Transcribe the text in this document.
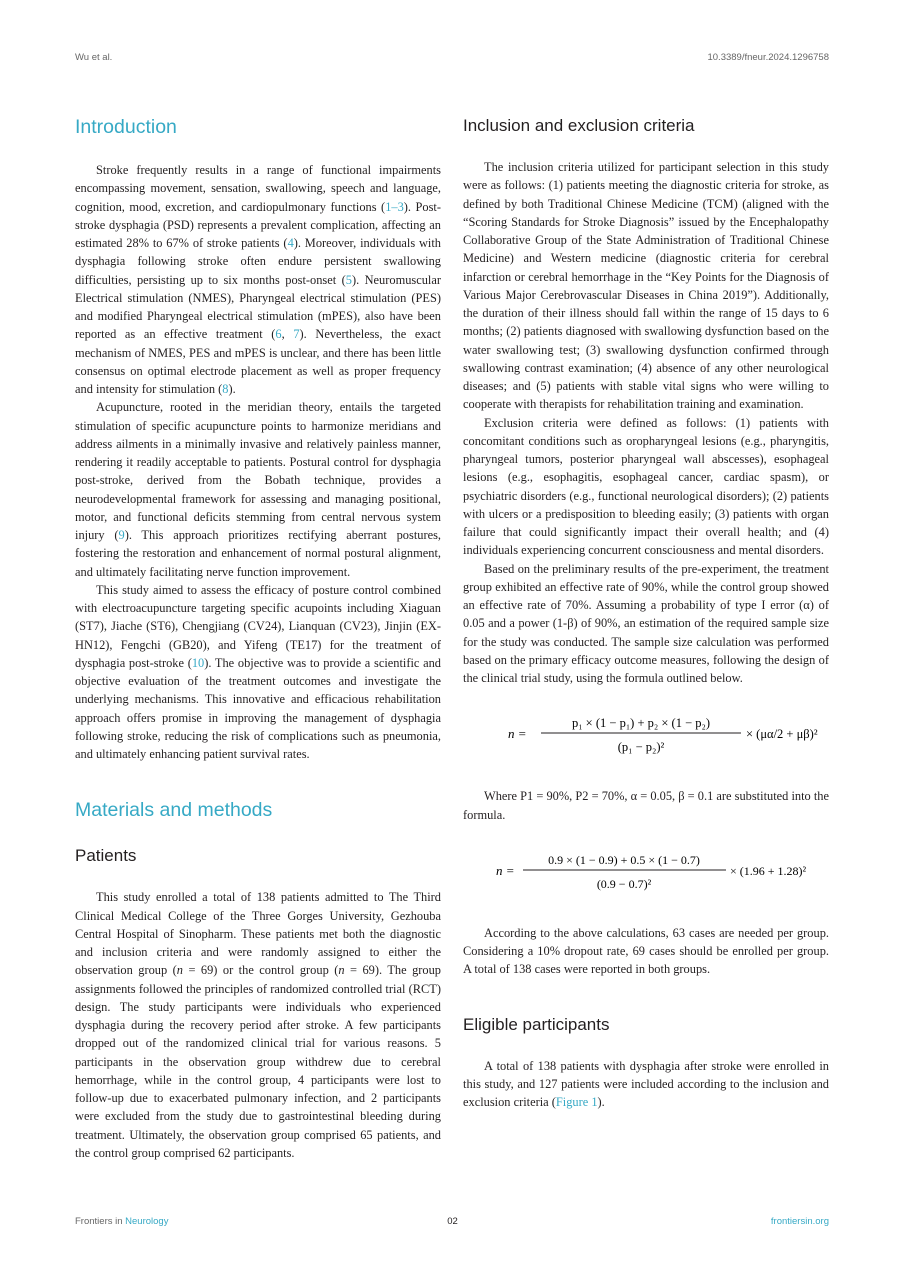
Wu et al.	10.3389/fneur.2024.1296758
Introduction

Stroke frequently results in a range of functional impairments encompassing movement, sensation, swallowing, speech and language, cognition, mood, excretion, and cardiopulmonary functions (1–3). Post-stroke dysphagia (PSD) represents a prevalent complication, affecting an estimated 28% to 67% of stroke patients (4). Moreover, individuals with dysphagia following stroke often endure persistent swallowing difficulties, persisting up to six months post-onset (5). Neuromuscular Electrical stimulation (NMES), Pharyngeal electrical stimulation (PES) and modified Pharyngeal electrical stimulation (mPES), also have been reported as an effective treatment (6, 7). Nevertheless, the exact mechanism of NMES, PES and mPES is unclear, and there has been little consensus on optimal electrode placement as well as proper frequency and intensity for stimulation (8).

Acupuncture, rooted in the meridian theory, entails the targeted stimulation of specific acupuncture points to harmonize meridians and address ailments in a minimally invasive and relatively painless manner, rendering it readily acceptable to patients. Postural control for dysphagia post-stroke, derived from the Bobath technique, provides a neurodevelopmental framework for assessing and managing positional, motor, and functional deficits stemming from central nervous system injury (9). This approach prioritizes rectifying aberrant postures, fostering the restoration and enhancement of normal postural alignment, and ultimately facilitating nerve function improvement.

This study aimed to assess the efficacy of posture control combined with electroacupuncture targeting specific acupoints including Xiaguan (ST7), Jiache (ST6), Chengjiang (CV24), Lianquan (CV23), Jinjin (EX-HN12), Fengchi (GB20), and Yifeng (TE17) for the treatment of dysphagia post-stroke (10). The objective was to provide a scientific and objective evaluation of the treatment outcomes and investigate the underlying mechanisms. This innovative and efficacious rehabilitation approach offers promise in improving the management of dysphagia following stroke, reducing the risk of complications such as pneumonia, and ultimately enhancing patient survival rates.

Materials and methods
Patients

This study enrolled a total of 138 patients admitted to The Third Clinical Medical College of the Three Gorges University, Gezhouba Central Hospital of Sinopharm. These patients met both the diagnostic and inclusion criteria and were randomly assigned to either the observation group (n = 69) or the control group (n = 69). The group assignments followed the principles of randomized controlled trial (RCT) design. The study participants were individuals who experienced dysphagia during the recovery period after stroke. A few participants dropped out of the randomized clinical trial for various reasons. 5 participants in the observation group withdrew due to cerebral hemorrhage, while in the control group, 4 participants were lost to follow-up due to exacerbated pulmonary infection, and 2 participants were excluded from the study due to gastrointestinal bleeding during treatment. Ultimately, the observation group comprised 65 patients, and the control group comprised 62 participants.

Inclusion and exclusion criteria

The inclusion criteria utilized for participant selection in this study were as follows: (1) patients meeting the diagnostic criteria for stroke, as defined by both Traditional Chinese Medicine (TCM) (aligned with the “Scoring Standards for Stroke Diagnosis” issued by the Encephalopathy Collaborative Group of the State Administration of Traditional Chinese Medicine) and Western medicine (diagnostic criteria for cerebral infarction or cerebral hemorrhage in the “Key Points for the Diagnosis of Various Major Cerebrovascular Diseases in China 2019”). Additionally, the duration of their illness should fall within the range of 15 days to 6 months; (2) patients diagnosed with swallowing dysfunction based on the water swallowing test; (3) swallowing dysfunction confirmed through swallowing contrast examination; (4) absence of any other neurological diseases; and (5) patients with stable vital signs who were willing to cooperate with therapists for rehabilitation training and examination.

Exclusion criteria were defined as follows: (1) patients with concomitant conditions such as oropharyngeal lesions (e.g., pharyngitis, pharyngeal tumors, posterior pharyngeal wall abscesses), esophageal lesions (e.g., esophagitis, esophageal cancer, cardiac spasm), or psychiatric disorders (e.g., functional neurological disorders); (2) patients with ulcers or a predisposition to bleeding easily; (3) patients with organ failure that could significantly impact their overall health; and (4) individuals experiencing concurrent consciousness and mental disorders.

Based on the preliminary results of the pre-experiment, the treatment group exhibited an effective rate of 90%, while the control group showed an effective rate of 70%. Assuming a probability of type I error (α) of 0.05 and a power (1-β) of 90%, an estimation of the required sample size for the study was conducted. The sample size calculation was performed based on the primary efficacy outcome measures, following the design of the clinical trial study, using the formula outlined below.

n =
p₁ × (1 − p₁) + p₂ × (1 − p₂)
(p₁ − p₂)²
× (μα/2 + μβ)²

Where P1 = 90%, P2 = 70%, α = 0.05, β = 0.1 are substituted into the formula.

n =
0.9 × (1 − 0.9) + 0.5 × (1 − 0.7)
(0.9 − 0.7)²
× (1.96 + 1.28)²

According to the above calculations, 63 cases are needed per group. Considering a 10% dropout rate, 69 cases should be enrolled per group. A total of 138 cases were reported in both groups.

Eligible participants

A total of 138 patients with dysphagia after stroke were enrolled in this study, and 127 patients were included according to the inclusion and exclusion criteria (Figure 1).

Frontiers in Neurology	02	frontiersin.org
